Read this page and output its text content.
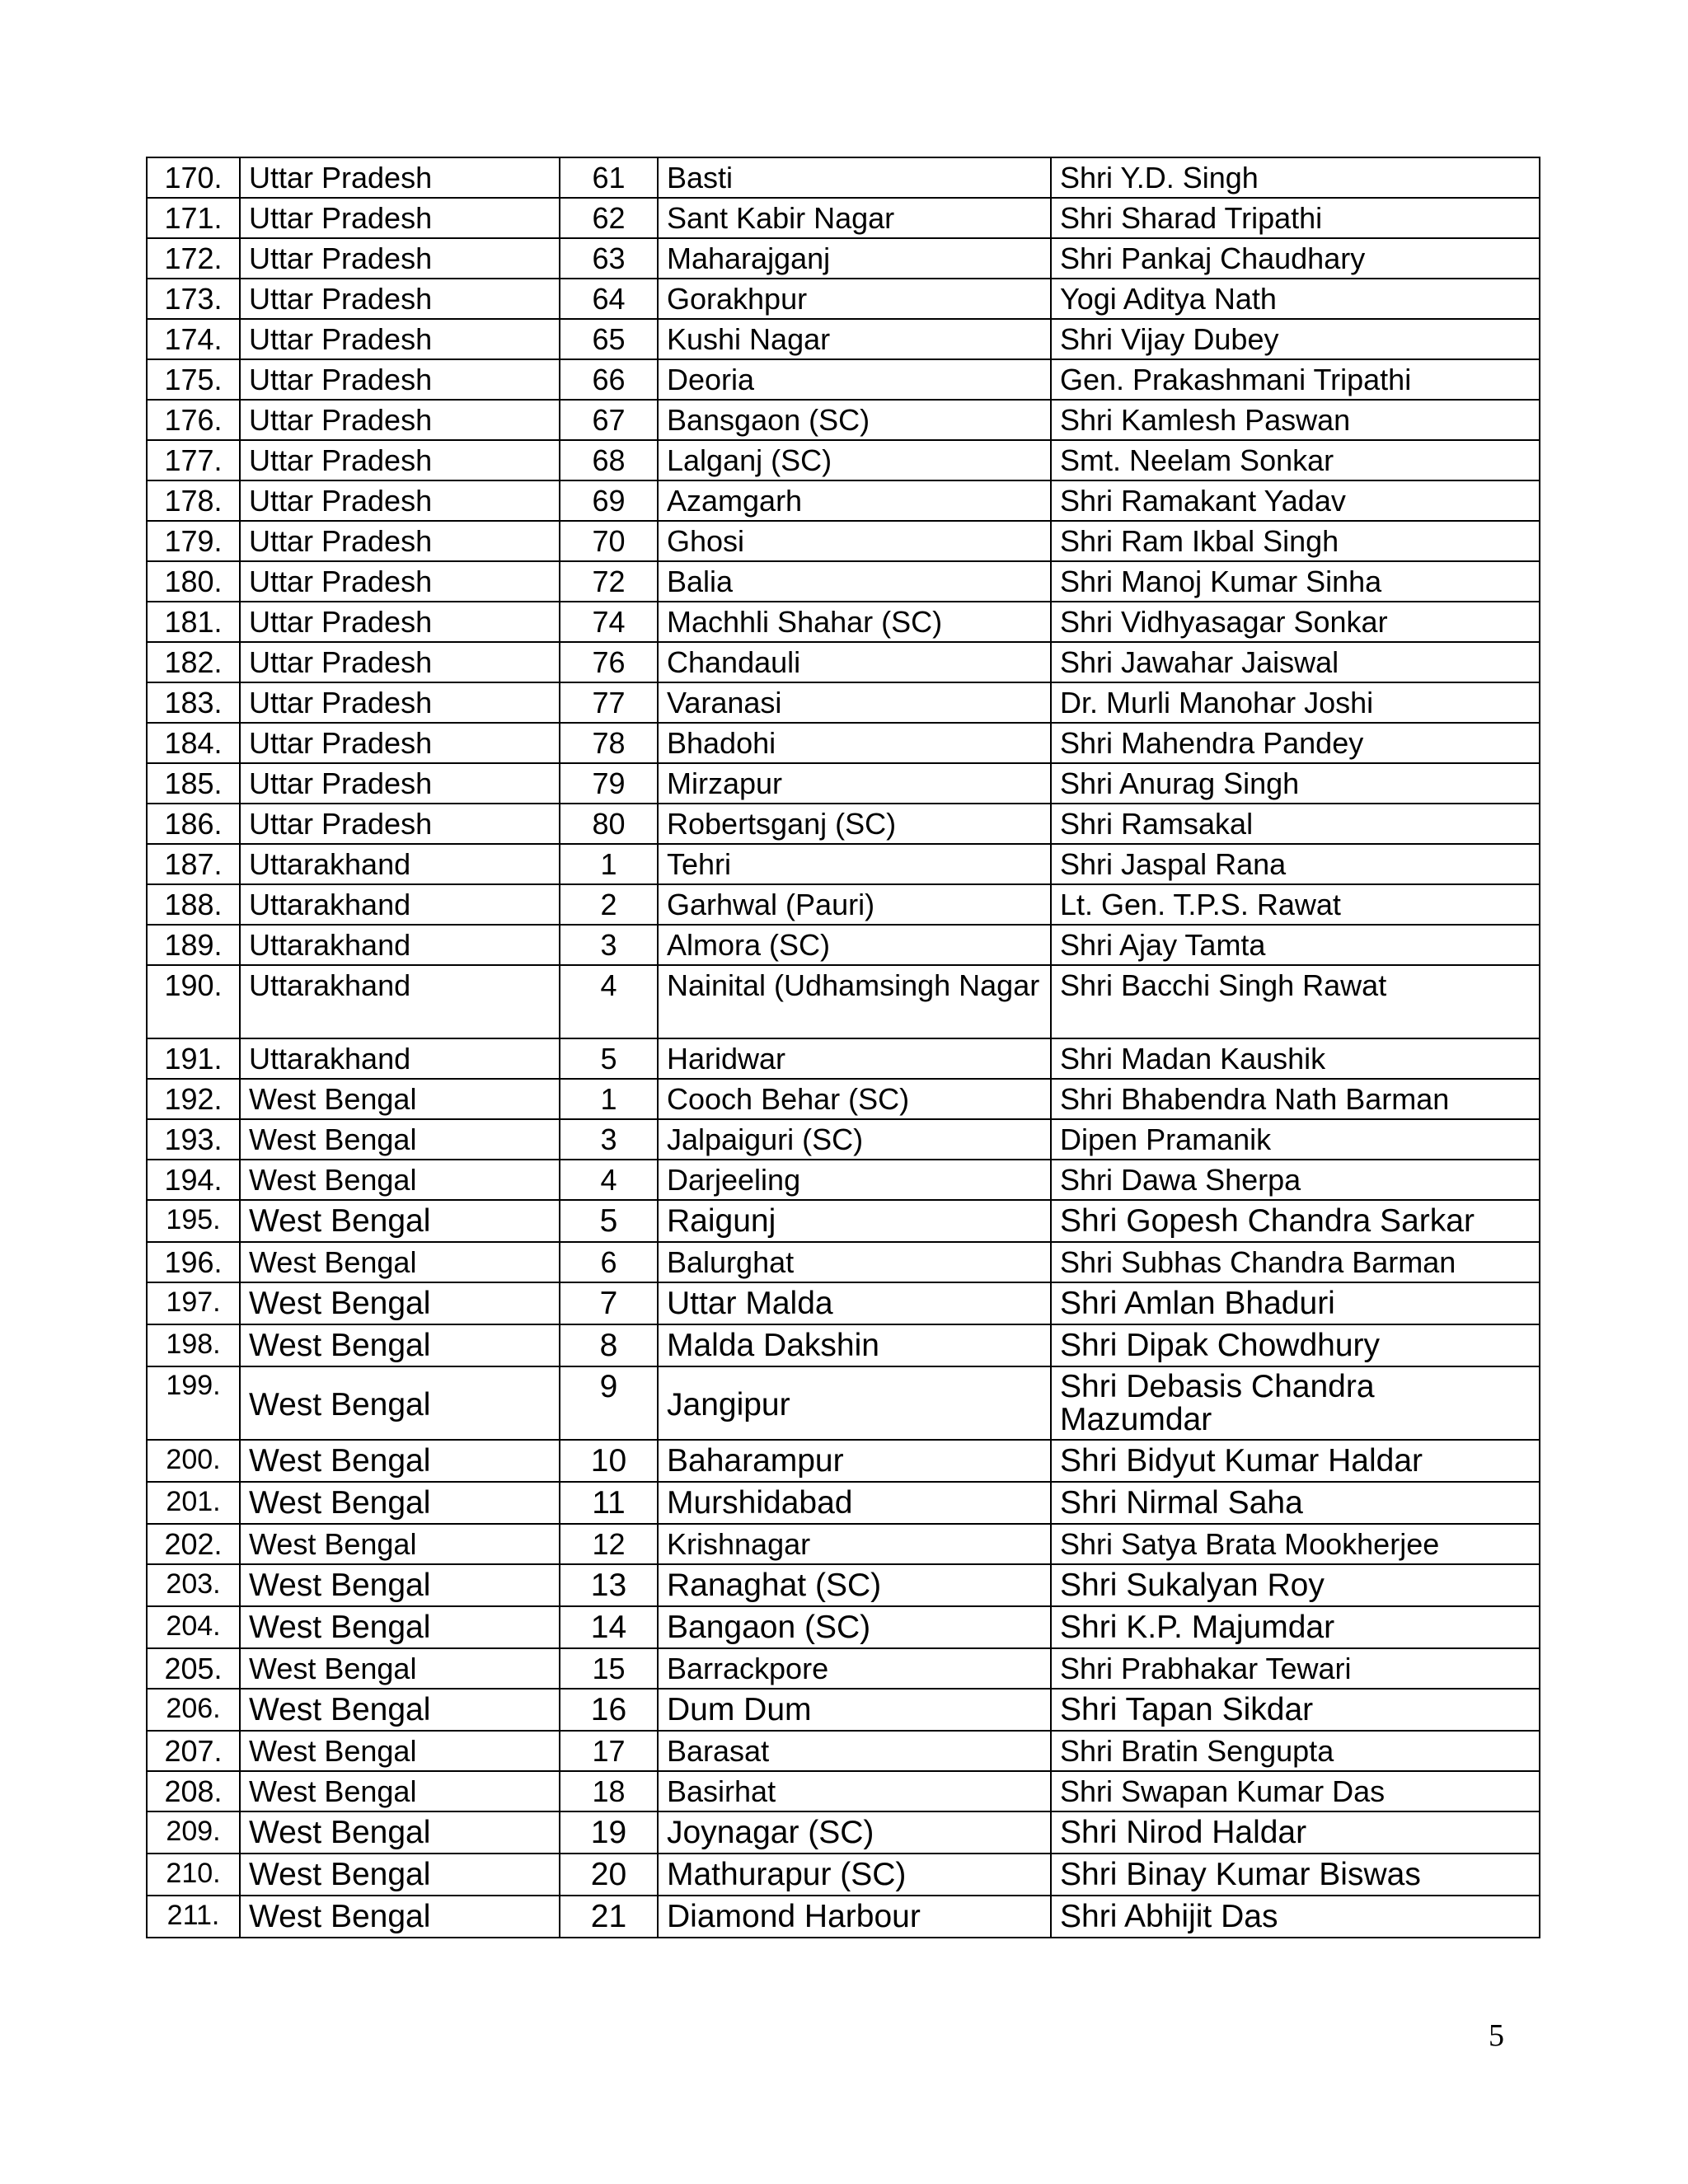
170.	Uttar Pradesh	61	Basti	Shri Y.D. Singh
171.	Uttar Pradesh	62	Sant Kabir Nagar	Shri Sharad Tripathi
172.	Uttar Pradesh	63	Maharajganj	Shri Pankaj Chaudhary
173.	Uttar Pradesh	64	Gorakhpur	Yogi Aditya Nath
174.	Uttar Pradesh	65	Kushi Nagar	Shri Vijay Dubey
175.	Uttar Pradesh	66	Deoria	Gen. Prakashmani Tripathi
176.	Uttar Pradesh	67	Bansgaon (SC)	Shri Kamlesh Paswan
177.	Uttar Pradesh	68	Lalganj (SC)	Smt. Neelam Sonkar
178.	Uttar Pradesh	69	Azamgarh	Shri Ramakant Yadav
179.	Uttar Pradesh	70	Ghosi	Shri Ram Ikbal Singh
180.	Uttar Pradesh	72	Balia	Shri Manoj Kumar Sinha
181.	Uttar Pradesh	74	Machhli Shahar (SC)	Shri Vidhyasagar Sonkar
182.	Uttar Pradesh	76	Chandauli	Shri Jawahar Jaiswal
183.	Uttar Pradesh	77	Varanasi	Dr. Murli Manohar Joshi
184.	Uttar Pradesh	78	Bhadohi	Shri Mahendra Pandey
185.	Uttar Pradesh	79	Mirzapur	Shri Anurag Singh
186.	Uttar Pradesh	80	Robertsganj (SC)	Shri Ramsakal
187.	Uttarakhand	1	Tehri	Shri Jaspal Rana
188.	Uttarakhand	2	Garhwal (Pauri)	Lt. Gen. T.P.S. Rawat
189.	Uttarakhand	3	Almora (SC)	Shri Ajay Tamta
190.	Uttarakhand	4	Nainital (Udhamsingh Nagar	Shri Bacchi Singh Rawat
191.	Uttarakhand	5	Haridwar	Shri Madan Kaushik
192.	West Bengal	1	Cooch Behar (SC)	Shri Bhabendra Nath Barman
193.	West Bengal	3	Jalpaiguri (SC)	Dipen Pramanik
194.	West Bengal	4	Darjeeling	Shri Dawa Sherpa
195.	West Bengal	5	Raigunj	Shri Gopesh Chandra Sarkar
196.	West Bengal	6	Balurghat	Shri Subhas Chandra Barman
197.	West Bengal	7	Uttar Malda	Shri Amlan Bhaduri
198.	West Bengal	8	Malda Dakshin	Shri Dipak Chowdhury
199.	West Bengal	9	Jangipur	Shri Debasis Chandra Mazumdar
200.	West Bengal	10	Baharampur	Shri Bidyut Kumar Haldar
201.	West Bengal	11	Murshidabad	Shri Nirmal Saha
202.	West Bengal	12	Krishnagar	Shri Satya Brata Mookherjee
203.	West Bengal	13	Ranaghat (SC)	Shri Sukalyan Roy
204.	West Bengal	14	Bangaon (SC)	Shri K.P. Majumdar
205.	West Bengal	15	Barrackpore	Shri Prabhakar Tewari
206.	West Bengal	16	Dum Dum	Shri Tapan Sikdar
207.	West Bengal	17	Barasat	Shri Bratin Sengupta
208.	West Bengal	18	Basirhat	Shri Swapan Kumar Das
209.	West Bengal	19	Joynagar (SC)	Shri Nirod Haldar
210.	West Bengal	20	Mathurapur (SC)	Shri Binay Kumar Biswas
211.	West Bengal	21	Diamond Harbour	Shri Abhijit Das
5
